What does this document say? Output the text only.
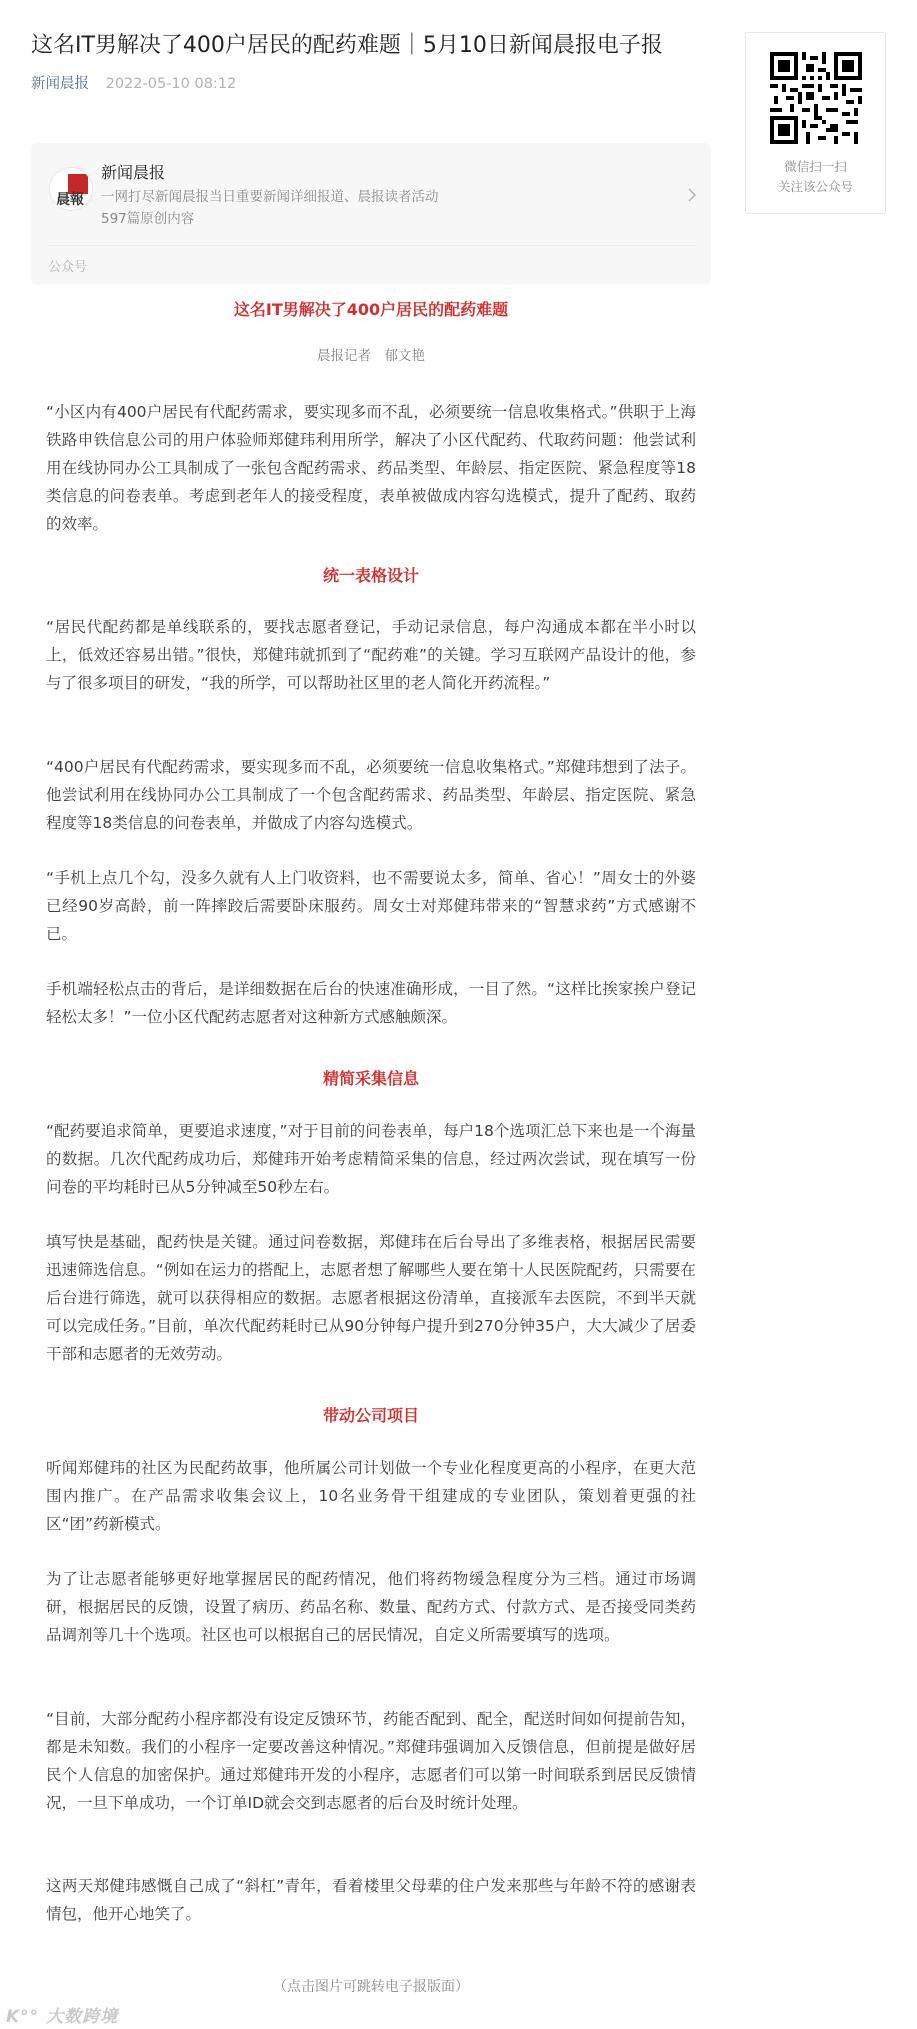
这名IT男解决了400户居民的配药难题｜5月10日新闻晨报电子报
新闻晨报 2022-05-10 08:12
晨報
新闻晨报
一网打尽新闻晨报当日重要新闻详细报道、晨报读者活动
597篇原创内容
公众号
这名IT男解决了400户居民的配药难题
晨报记者　郁文艳
“小区内有400户居民有代配药需求，要实现多而不乱，必须要统一信息收集格式。”供职于上海铁路申铁信息公司的用户体验师郑健玮利用所学，解决了小区代配药、代取药问题：他尝试利用在线协同办公工具制成了一张包含配药需求、药品类型、年龄层、指定医院、紧急程度等18类信息的问卷表单。考虑到老年人的接受程度，表单被做成内容勾选模式，提升了配药、取药的效率。
统一表格设计
“居民代配药都是单线联系的，要找志愿者登记，手动记录信息，每户沟通成本都在半小时以上，低效还容易出错。”很快，郑健玮就抓到了“配药难”的关键。学习互联网产品设计的他，参与了很多项目的研发，“我的所学，可以帮助社区里的老人简化开药流程。”
“400户居民有代配药需求，要实现多而不乱，必须要统一信息收集格式。”郑健玮想到了法子。他尝试利用在线协同办公工具制成了一个包含配药需求、药品类型、年龄层、指定医院、紧急程度等18类信息的问卷表单，并做成了内容勾选模式。
“手机上点几个勾，没多久就有人上门收资料，也不需要说太多，简单、省心！”周女士的外婆已经90岁高龄，前一阵摔跤后需要卧床服药。周女士对郑健玮带来的“智慧求药”方式感谢不已。
手机端轻松点击的背后，是详细数据在后台的快速准确形成，一目了然。“这样比挨家挨户登记轻松太多！”一位小区代配药志愿者对这种新方式感触颇深。
精简采集信息
“配药要追求简单，更要追求速度，”对于目前的问卷表单，每户18个选项汇总下来也是一个海量的数据。几次代配药成功后，郑健玮开始考虑精简采集的信息，经过两次尝试，现在填写一份问卷的平均耗时已从5分钟减至50秒左右。
填写快是基础，配药快是关键。通过问卷数据，郑健玮在后台导出了多维表格，根据居民需要迅速筛选信息。“例如在运力的搭配上，志愿者想了解哪些人要在第十人民医院配药，只需要在后台进行筛选，就可以获得相应的数据。志愿者根据这份清单，直接派车去医院，不到半天就可以完成任务。”目前，单次代配药耗时已从90分钟每户提升到270分钟35户，大大减少了居委干部和志愿者的无效劳动。
带动公司项目
听闻郑健玮的社区为民配药故事，他所属公司计划做一个专业化程度更高的小程序，在更大范围内推广。在产品需求收集会议上，10名业务骨干组建成的专业团队，策划着更强的社区“团”药新模式。
为了让志愿者能够更好地掌握居民的配药情况，他们将药物缓急程度分为三档。通过市场调研，根据居民的反馈，设置了病历、药品名称、数量、配药方式、付款方式、是否接受同类药品调剂等几十个选项。社区也可以根据自己的居民情况，自定义所需要填写的选项。
“目前，大部分配药小程序都没有设定反馈环节，药能否配到、配全，配送时间如何提前告知，都是未知数。我们的小程序一定要改善这种情况。”郑健玮强调加入反馈信息，但前提是做好居民个人信息的加密保护。通过郑健玮开发的小程序，志愿者们可以第一时间联系到居民反馈情况，一旦下单成功，一个订单ID就会交到志愿者的后台及时统计处理。
这两天郑健玮感慨自己成了“斜杠”青年，看着楼里父母辈的住户发来那些与年龄不符的感谢表情包，他开心地笑了。
（点击图片可跳转电子报版面）
微信扫一扫
关注该公众号
K°° 大数跨境
